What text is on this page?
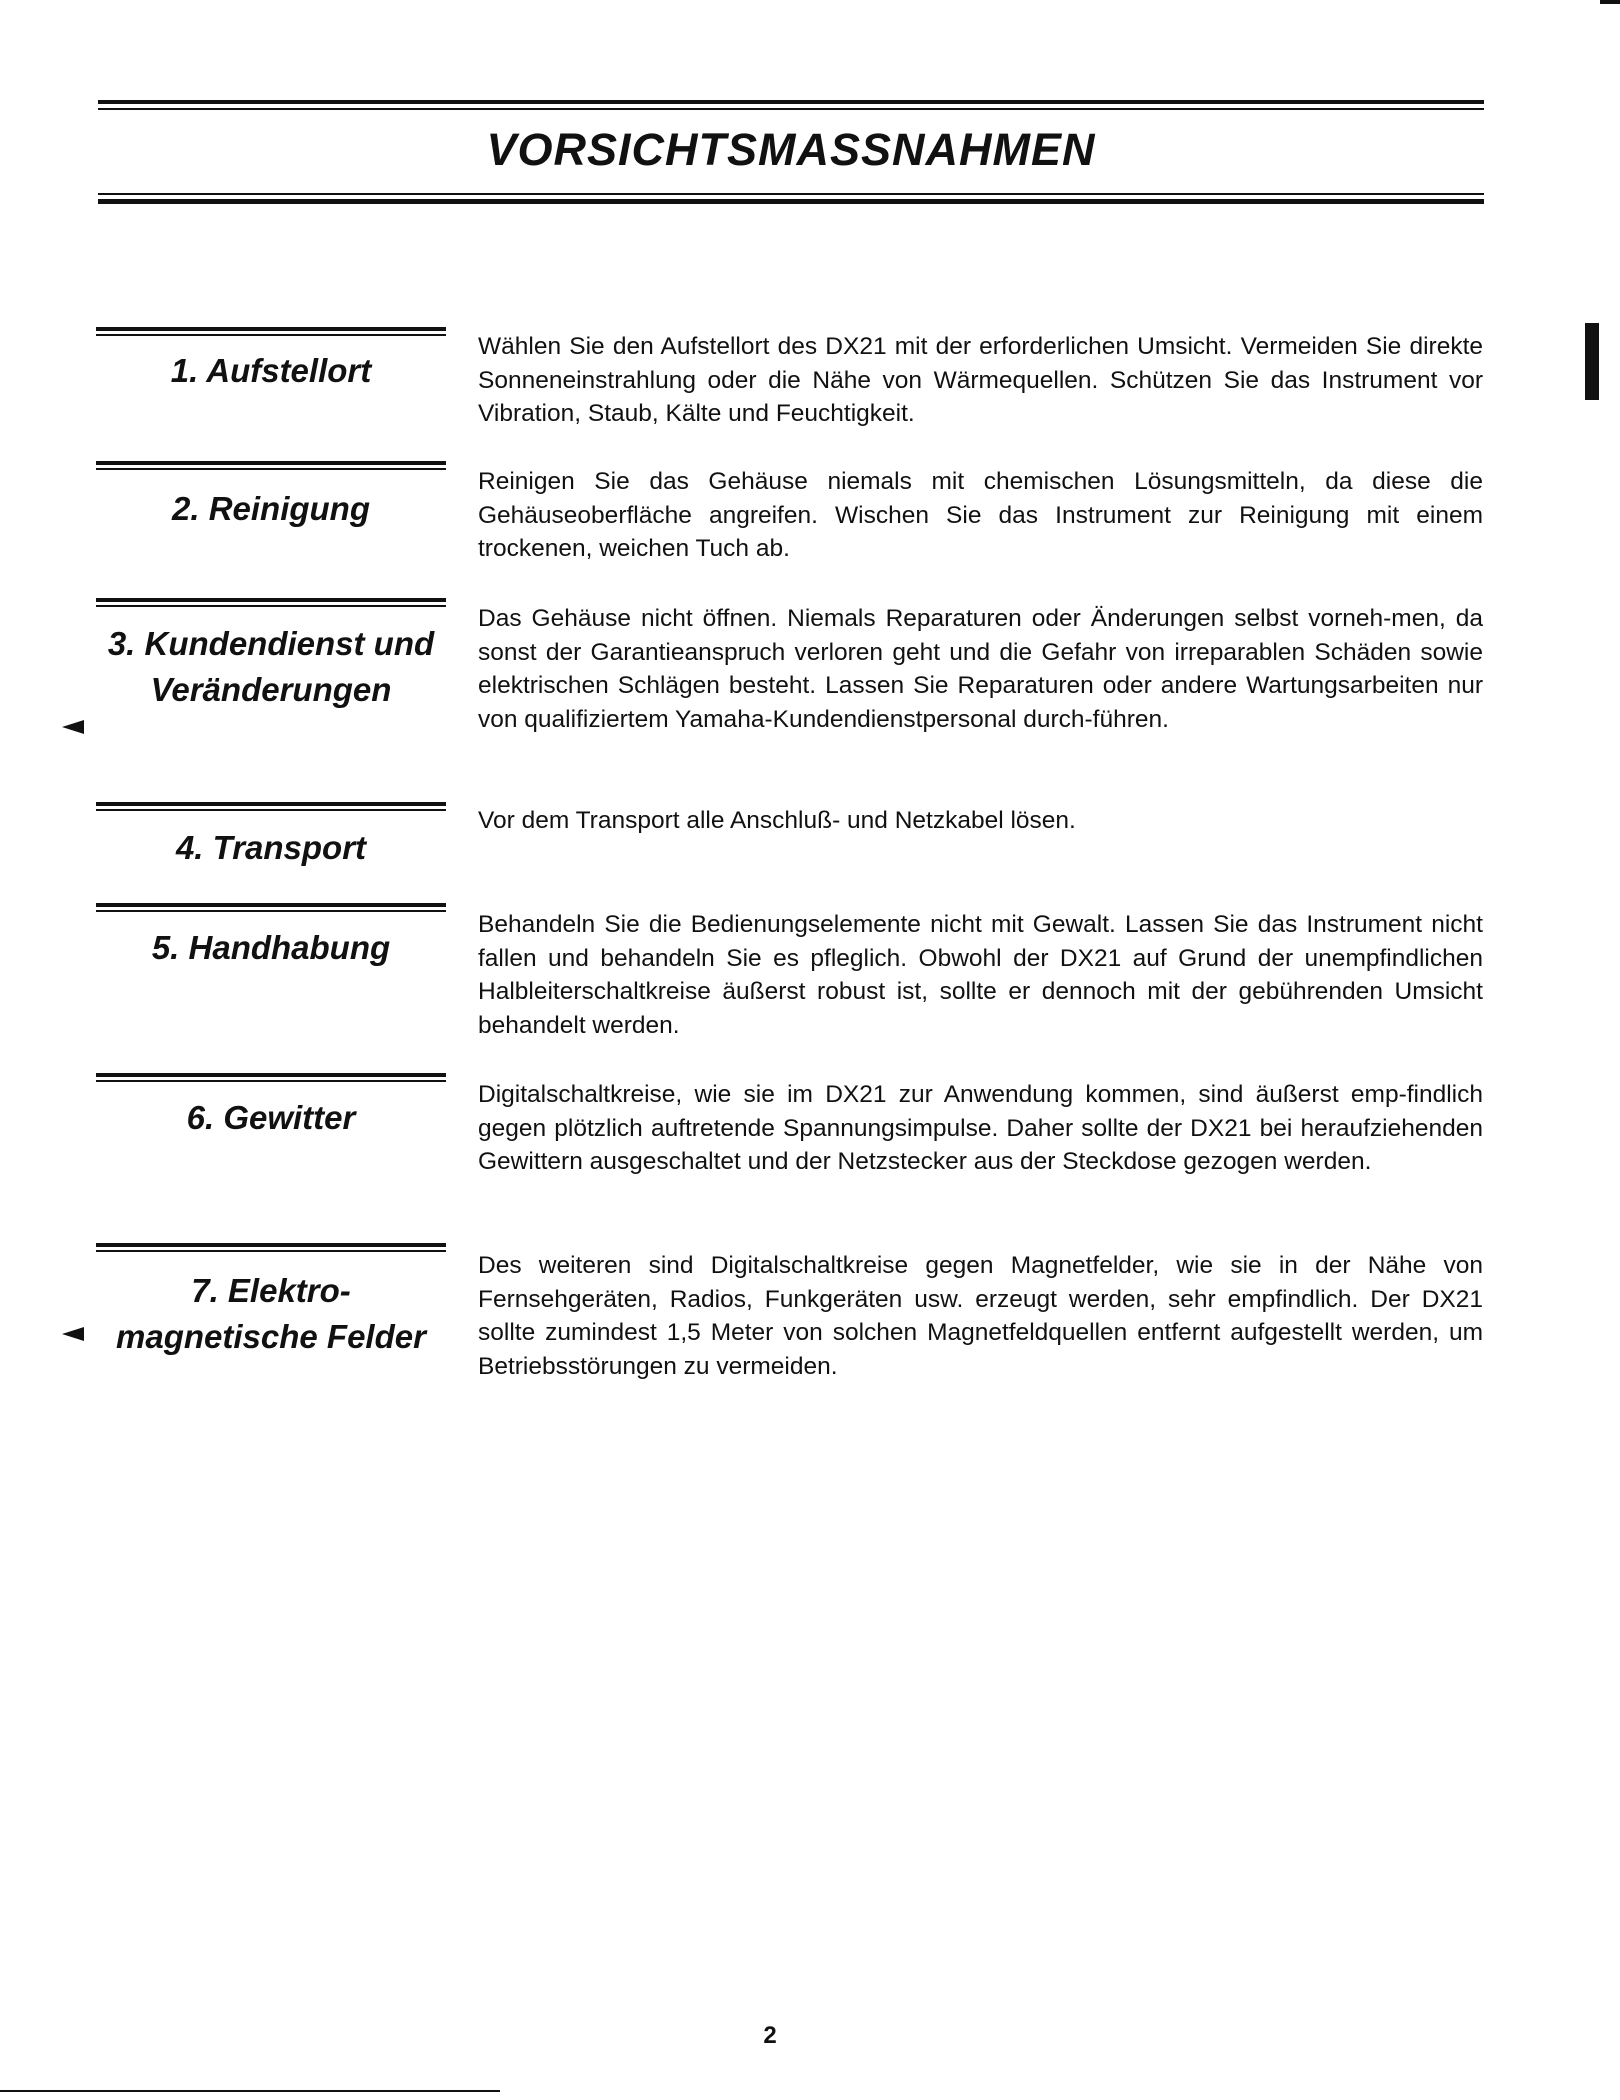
VORSICHTSMASSNAHMEN
1. Aufstellort
Wählen Sie den Aufstellort des DX21 mit der erforderlichen Umsicht. Vermeiden Sie direkte Sonneneinstrahlung oder die Nähe von Wärmequellen. Schützen Sie das Instrument vor Vibration, Staub, Kälte und Feuchtigkeit.
2. Reinigung
Reinigen Sie das Gehäuse niemals mit chemischen Lösungsmitteln, da diese die Gehäuseoberfläche angreifen. Wischen Sie das Instrument zur Reinigung mit einem trockenen, weichen Tuch ab.
3. Kundendienst und
Veränderungen
Das Gehäuse nicht öffnen. Niemals Reparaturen oder Änderungen selbst vorneh-men, da sonst der Garantieanspruch verloren geht und die Gefahr von irreparablen Schäden sowie elektrischen Schlägen besteht. Lassen Sie Reparaturen oder andere Wartungsarbeiten nur von qualifiziertem Yamaha-Kundendienstpersonal durch-führen.
4. Transport
Vor dem Transport alle Anschluß- und Netzkabel lösen.
5. Handhabung
Behandeln Sie die Bedienungselemente nicht mit Gewalt. Lassen Sie das Instrument nicht fallen und behandeln Sie es pfleglich. Obwohl der DX21 auf Grund der unempfindlichen Halbleiterschaltkreise äußerst robust ist, sollte er dennoch mit der gebührenden Umsicht behandelt werden.
6. Gewitter
Digitalschaltkreise, wie sie im DX21 zur Anwendung kommen, sind äußerst emp-findlich gegen plötzlich auftretende Spannungsimpulse. Daher sollte der DX21 bei heraufziehenden Gewittern ausgeschaltet und der Netzstecker aus der Steckdose gezogen werden.
7. Elektro-
magnetische Felder
Des weiteren sind Digitalschaltkreise gegen Magnetfelder, wie sie in der Nähe von Fernsehgeräten, Radios, Funkgeräten usw. erzeugt werden, sehr empfindlich. Der DX21 sollte zumindest 1,5 Meter von solchen Magnetfeldquellen entfernt aufgestellt werden, um Betriebsstörungen zu vermeiden.
2
